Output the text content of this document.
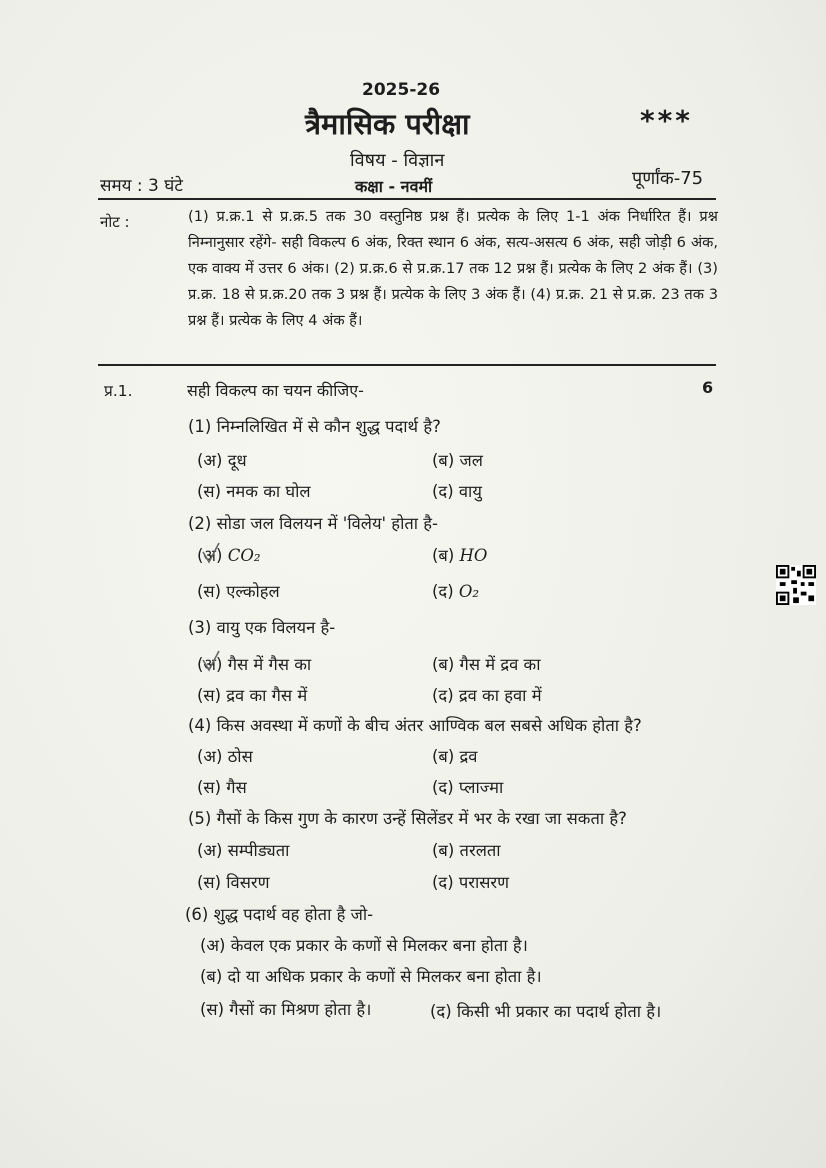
2025-26
त्रैमासिक परीक्षा	***
विषय - विज्ञान
समय : 3 घंटे	कक्षा - नवमीं	पूर्णांक-75
नोट :	(1) प्र.क्र.1 से प्र.क्र.5 तक 30 वस्तुनिष्ठ प्रश्न हैं। प्रत्येक के लिए 1-1 अंक निर्धारित हैं। प्रश्न निम्नानुसार रहेंगे- सही विकल्प 6 अंक, रिक्त स्थान 6 अंक, सत्य-असत्य 6 अंक, सही जोड़ी 6 अंक, एक वाक्य में उत्तर 6 अंक। (2) प्र.क्र.6 से प्र.क्र.17 तक 12 प्रश्न हैं। प्रत्येक के लिए 2 अंक हैं। (3) प्र.क्र. 18 से प्र.क्र.20 तक 3 प्रश्न हैं। प्रत्येक के लिए 3 अंक हैं। (4) प्र.क्र. 21 से प्र.क्र. 23 तक 3 प्रश्न हैं। प्रत्येक के लिए 4 अंक हैं।
प्र.1.	सही विकल्प का चयन कीजिए-	6
(1) निम्नलिखित में से कौन शुद्ध पदार्थ है?
(अ) दूध	(ब) जल
(स) नमक का घोल	(द) वायु
(2) सोडा जल विलयन में 'विलेय' होता है-
(अ) CO₂	(ब) HO
(स) एल्कोहल	(द) O₂
(3) वायु एक विलयन है-
(अ) गैस में गैस का	(ब) गैस में द्रव का
(स) द्रव का गैस में	(द) द्रव का हवा में
(4) किस अवस्था में कणों के बीच अंतर आण्विक बल सबसे अधिक होता है?
(अ) ठोस	(ब) द्रव
(स) गैस	(द) प्लाज्मा
(5) गैसों के किस गुण के कारण उन्हें सिलेंडर में भर के रखा जा सकता है?
(अ) सम्पीड्यता	(ब) तरलता
(स) विसरण	(द) परासरण
(6) शुद्ध पदार्थ वह होता है जो-
(अ) केवल एक प्रकार के कणों से मिलकर बना होता है।
(ब) दो या अधिक प्रकार के कणों से मिलकर बना होता है।
(स) गैसों का मिश्रण होता है।	(द) किसी भी प्रकार का पदार्थ होता है।
